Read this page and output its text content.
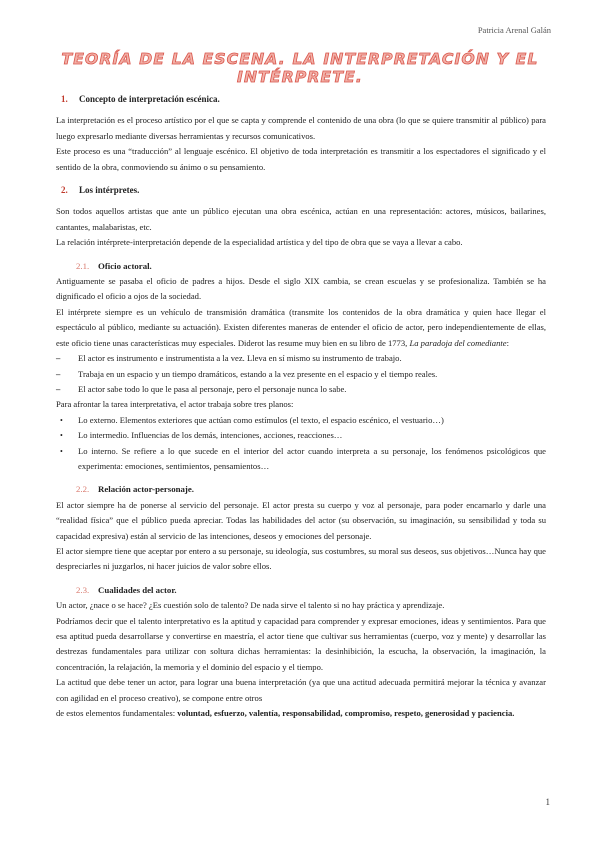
Patricia Arenal Galán
TEORÍA DE LA ESCENA. LA INTERPRETACIÓN Y EL INTÉRPRETE.

1. Concepto de interpretación escénica.

La interpretación es el proceso artístico por el que se capta y comprende el contenido de una obra (lo que se quiere transmitir al público) para luego expresarlo mediante diversas herramientas y recursos comunicativos.

Este proceso es una “traducción” al lenguaje escénico. El objetivo de toda interpretación es transmitir a los espectadores el significado y el sentido de la obra, conmoviendo su ánimo o su pensamiento.

2. Los intérpretes.

Son todos aquellos artistas que ante un público ejecutan una obra escénica, actúan en una representación: actores, músicos, bailarines, cantantes, malabaristas, etc.

La relación intérprete-interpretación depende de la especialidad artística y del tipo de obra que se vaya a llevar a cabo.

2.1. Oficio actoral.

Antiguamente se pasaba el oficio de padres a hijos. Desde el siglo XIX cambia, se crean escuelas y se profesionaliza. También se ha dignificado el oficio a ojos de la sociedad.

El intérprete siempre es un vehículo de transmisión dramática (transmite los contenidos de la obra dramática y quien hace llegar el espectáculo al público, mediante su actuación). Existen diferentes maneras de entender el oficio de actor, pero independientemente de ellas, este oficio tiene unas características muy especiales. Diderot las resume muy bien en su libro de 1773, La paradoja del comediante:

– El actor es instrumento e instrumentista a la vez. Lleva en sí mismo su instrumento de trabajo.
– Trabaja en un espacio y un tiempo dramáticos, estando a la vez presente en el espacio y el tiempo reales.
– El actor sabe todo lo que le pasa al personaje, pero el personaje nunca lo sabe.

Para afrontar la tarea interpretativa, el actor trabaja sobre tres planos:

• Lo externo. Elementos exteriores que actúan como estímulos (el texto, el espacio escénico, el vestuario…)
• Lo intermedio. Influencias de los demás, intenciones, acciones, reacciones…
• Lo interno. Se refiere a lo que sucede en el interior del actor cuando interpreta a su personaje, los fenómenos psicológicos que experimenta: emociones, sentimientos, pensamientos…

2.2. Relación actor-personaje.

El actor siempre ha de ponerse al servicio del personaje. El actor presta su cuerpo y voz al personaje, para poder encarnarlo y darle una “realidad física” que el público pueda apreciar. Todas las habilidades del actor (su observación, su imaginación, su sensibilidad y toda su capacidad expresiva) están al servicio de las intenciones, deseos y emociones del personaje.

El actor siempre tiene que aceptar por entero a su personaje, su ideología, sus costumbres, su moral sus deseos, sus objetivos…Nunca hay que despreciarles ni juzgarlos, ni hacer juicios de valor sobre ellos.

2.3. Cualidades del actor.

Un actor, ¿nace o se hace? ¿Es cuestión solo de talento? De nada sirve el talento si no hay práctica y aprendizaje.

Podríamos decir que el talento interpretativo es la aptitud y capacidad para comprender y expresar emociones, ideas y sentimientos. Para que esa aptitud pueda desarrollarse y convertirse en maestría, el actor tiene que cultivar sus herramientas (cuerpo, voz y mente) y desarrollar las destrezas fundamentales para utilizar con soltura dichas herramientas: la desinhibición, la escucha, la observación, la imaginación, la concentración, la relajación, la memoria y el dominio del espacio y el tiempo.

La actitud que debe tener un actor, para lograr una buena interpretación (ya que una actitud adecuada permitirá mejorar la técnica y avanzar con agilidad en el proceso creativo), se compone entre otros

de estos elementos fundamentales: voluntad, esfuerzo, valentía, responsabilidad, compromiso, respeto, generosidad y paciencia.

1
